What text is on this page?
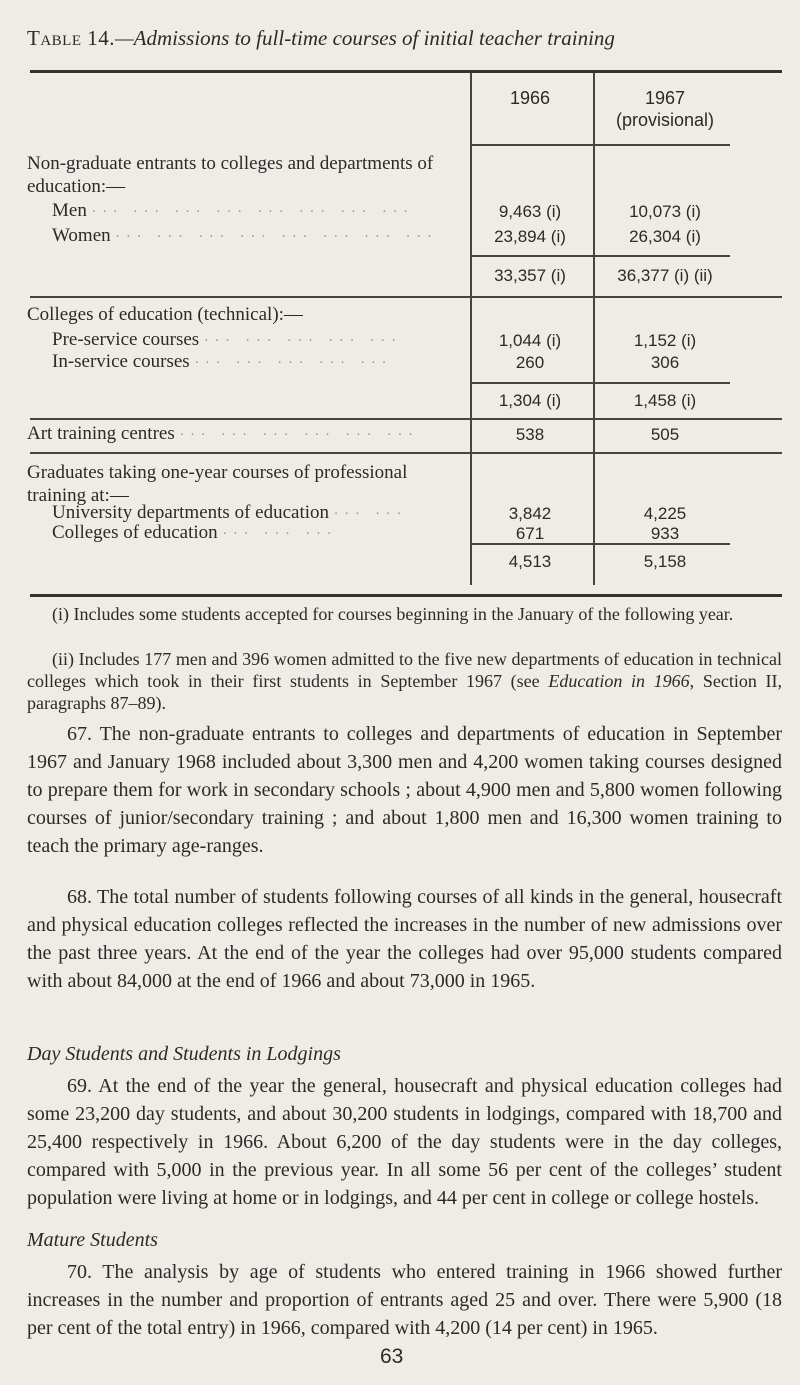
Table 14.—Admissions to full-time courses of initial teacher training
1966	1967
(provisional)
Non-graduate entrants to colleges and departments of education:—
Men ··· ··· ··· ··· ··· ··· ··· ···	9,463 (i)	10,073 (i)
Women ··· ··· ··· ··· ··· ··· ··· ···	23,894 (i)	26,304 (i)
33,357 (i)	36,377 (i) (ii)
Colleges of education (technical):—
Pre-service courses ··· ··· ··· ··· ···	1,044 (i)	1,152 (i)
In-service courses ··· ··· ··· ··· ···	260	306
1,304 (i)	1,458 (i)
Art training centres ··· ··· ··· ··· ··· ···	538	505
Graduates taking one-year courses of professional training at:—
University departments of education ··· ···	3,842	4,225
Colleges of education ··· ··· ···	671	933
4,513	5,158
(i) Includes some students accepted for courses beginning in the January of the following year.
(ii) Includes 177 men and 396 women admitted to the five new departments of education in technical colleges which took in their first students in September 1967 (see Education in 1966, Section II, paragraphs 87–89).
67. The non-graduate entrants to colleges and departments of education in September 1967 and January 1968 included about 3,300 men and 4,200 women taking courses designed to prepare them for work in secondary schools ; about 4,900 men and 5,800 women following courses of junior/secondary training ; and about 1,800 men and 16,300 women training to teach the primary age-ranges.
68. The total number of students following courses of all kinds in the general, housecraft and physical education colleges reflected the increases in the number of new admissions over the past three years. At the end of the year the colleges had over 95,000 students compared with about 84,000 at the end of 1966 and about 73,000 in 1965.
Day Students and Students in Lodgings
69. At the end of the year the general, housecraft and physical education colleges had some 23,200 day students, and about 30,200 students in lodgings, compared with 18,700 and 25,400 respectively in 1966. About 6,200 of the day students were in the day colleges, compared with 5,000 in the previous year. In all some 56 per cent of the colleges’ student population were living at home or in lodgings, and 44 per cent in college or college hostels.
Mature Students
70. The analysis by age of students who entered training in 1966 showed further increases in the number and proportion of entrants aged 25 and over. There were 5,900 (18 per cent of the total entry) in 1966, compared with 4,200 (14 per cent) in 1965.
63
